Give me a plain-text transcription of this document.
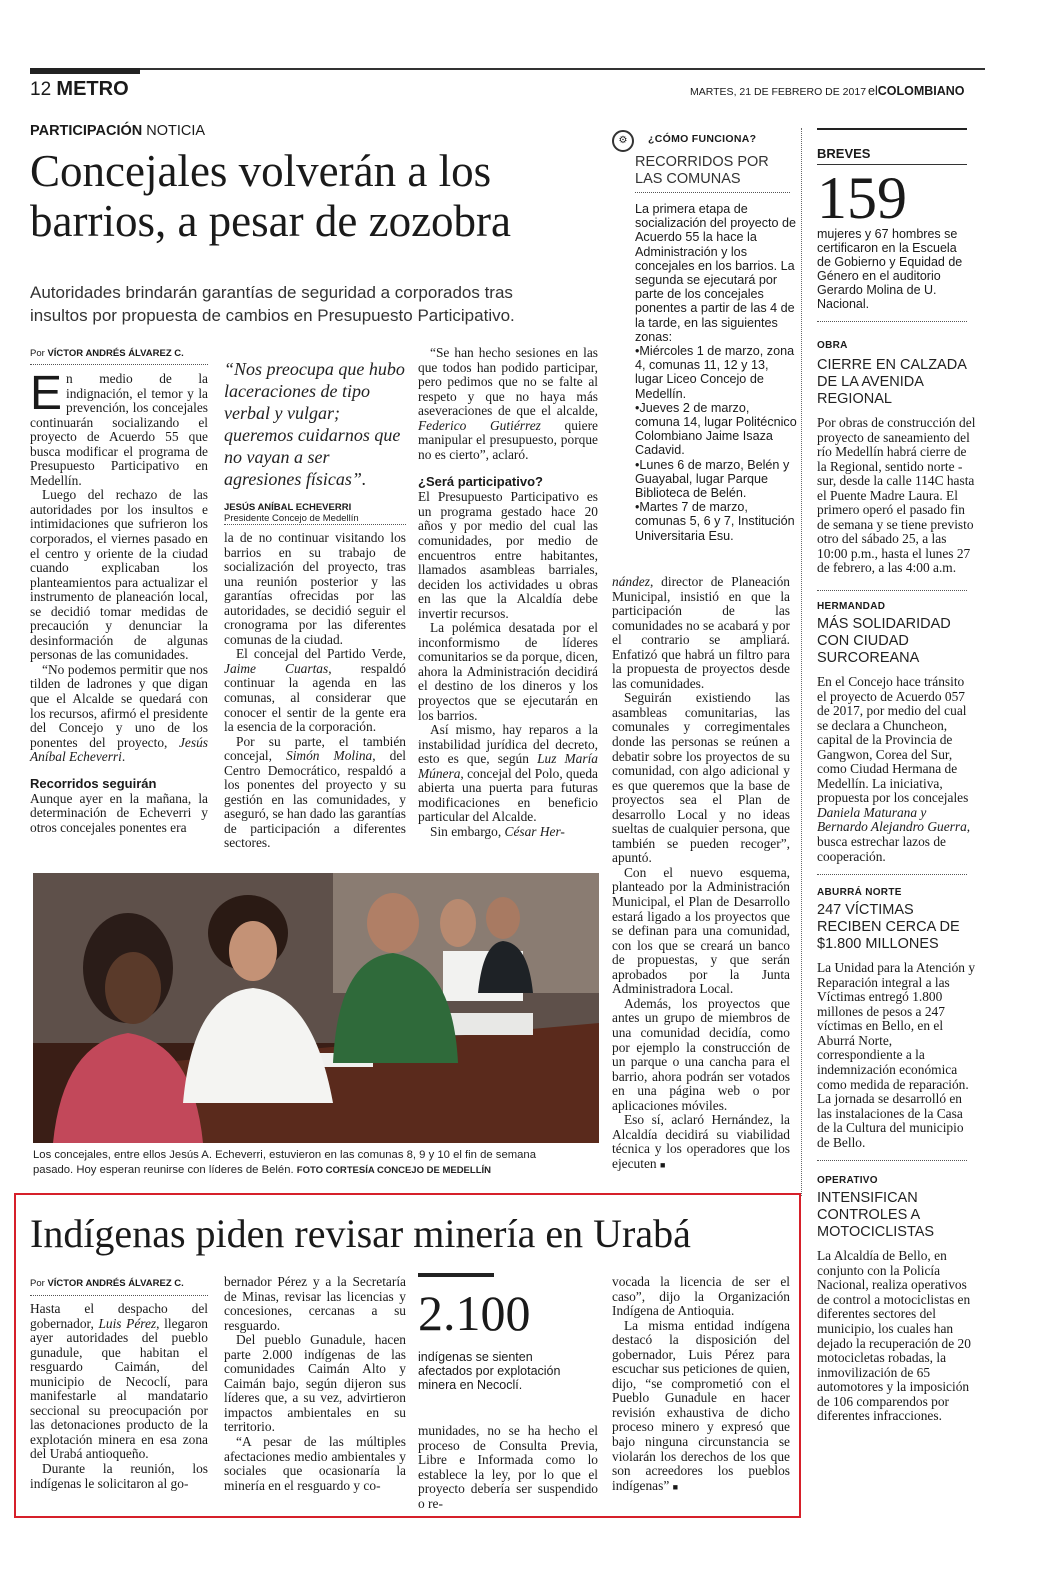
12 METRO	MARTES, 21 DE FEBRERO DE 2017 elCOLOMBIANO
PARTICIPACIÓN NOTICIA
Concejales volverán a los
barrios, a pesar de zozobra
Autoridades brindarán garantías de seguridad a corporados tras
insultos por propuesta de cambios en Presupuesto Participativo.
Por VÍCTOR ANDRÉS ÁLVAREZ C.

En medio de la indignación, el temor y la prevención, los concejales continuarán socializando el proyecto de Acuerdo 55 que busca modificar el programa de Presupuesto Participativo en Medellín.

Luego del rechazo de las autoridades por los insultos e intimidaciones que sufrieron los corporados, el viernes pasado en el centro y oriente de la ciudad cuando explicaban los planteamientos para actualizar el instrumento de planeación local, se decidió tomar medidas de precaución y denunciar la desinformación de algunas personas de las comunidades.

“No podemos permitir que nos tilden de ladrones y que digan que el Alcalde se quedará con los recursos, afirmó el presidente del Concejo y uno de los ponentes del proyecto, Jesús Aníbal Echeverri.

Recorridos seguirán

Aunque ayer en la mañana, la determinación de Echeverri y otros concejales ponentes era

“Nos preocupa que hubo laceraciones de tipo verbal y vulgar; queremos cuidarnos que no vayan a ser agresiones físicas”.
JESÚS ANÍBAL ECHEVERRI
Presidente Concejo de Medellín

la de no continuar visitando los barrios en su trabajo de socialización del proyecto, tras una reunión posterior y las garantías ofrecidas por las autoridades, se decidió seguir el cronograma por las diferentes comunas de la ciudad.

El concejal del Partido Verde, Jaime Cuartas, respaldó continuar la agenda en las comunas, al considerar que conocer el sentir de la gente era la esencia de la corporación.

Por su parte, el también concejal, Simón Molina, del Centro Democrático, respaldó a los ponentes del proyecto y su gestión en las comunidades, y aseguró, se han dado las garantías de participación a diferentes sectores.

“Se han hecho sesiones en las que todos han podido participar, pero pedimos que no se falte al respeto y que no haya más aseveraciones de que el alcalde, Federico Gutiérrez quiere manipular el presupuesto, porque no es cierto”, aclaró.

¿Será participativo?

El Presupuesto Participativo es un programa gestado hace 20 años y por medio del cual las comunidades, por medio de encuentros entre habitantes, llamados asambleas barriales, deciden los actividades u obras en las que la Alcaldía debe invertir recursos.

La polémica desatada por el inconformismo de líderes comunitarios se da porque, dicen, ahora la Administración decidirá el destino de los dineros y los proyectos que se ejecutarán en los barrios.

Así mismo, hay reparos a la instabilidad jurídica del decreto, esto es que, según Luz María Múnera, concejal del Polo, queda abierta una puerta para futuras modificaciones en beneficio particular del Alcalde.

Sin embargo, César Her-

⚙	¿CÓMO FUNCIONA?
RECORRIDOS POR
LAS COMUNAS

La primera etapa de socialización del proyecto de Acuerdo 55 la hace la Administración y los concejales en los barrios. La segunda se ejecutará por parte de los concejales ponentes a partir de las 4 de la tarde, en las siguientes zonas:

• Miércoles 1 de marzo, zona 4, comunas 11, 12 y 13, lugar Liceo Concejo de Medellín.

• Jueves 2 de marzo, comuna 14, lugar Politécnico Colombiano Jaime Isaza Cadavid.

• Lunes 6 de marzo, Belén y Guayabal, lugar Parque Biblioteca de Belén.

• Martes 7 de marzo, comunas 5, 6 y 7, Institución Universitaria Esu.

nández, director de Planeación Municipal, insistió en que la participación de las comunidades no se acabará y por el contrario se ampliará. Enfatizó que habrá un filtro para la propuesta de proyectos desde las comunidades.

Seguirán existiendo las asambleas comunitarias, las comunales y corregimentales donde las personas se reúnen a debatir sobre los proyectos de su comunidad, con algo adicional y es que queremos que la base de proyectos sea el Plan de desarrollo Local y no ideas sueltas de cualquier persona, que también se pueden recoger”, apuntó.

Con el nuevo esquema, planteado por la Administración Municipal, el Plan de Desarrollo estará ligado a los proyectos que se definan para una comunidad, con los que se creará un banco de propuestas, y que serán aprobados por la Junta Administradora Local.

Además, los proyectos que antes un grupo de miembros de una comunidad decidía, como por ejemplo la construcción de un parque o una cancha para el barrio, ahora podrán ser votados en una página web o por aplicaciones móviles.

Eso sí, aclaró Hernández, la Alcaldía decidirá su viabilidad técnica y los operadores que los ejecuten ■

Los concejales, entre ellos Jesús A. Echeverri, estuvieron en las comunas 8, 9 y 10 el fin de semana
pasado. Hoy esperan reunirse con líderes de Belén. FOTO CORTESÍA CONCEJO DE MEDELLÍN
BREVES
159
mujeres y 67 hombres se certificaron en la Escuela de Gobierno y Equidad de Género en el auditorio Gerardo Molina de U. Nacional.
OBRA
CIERRE EN CALZADA DE LA AVENIDA REGIONAL
Por obras de construcción del proyecto de saneamiento del río Medellín habrá cierre de la Regional, sentido norte - sur, desde la calle 114C hasta el Puente Madre Laura. El primero operó el pasado fin de semana y se tiene previsto otro del sábado 25, a las 10:00 p.m., hasta el lunes 27 de febrero, a las 4:00 a.m.
HERMANDAD
MÁS SOLIDARIDAD CON CIUDAD SURCOREANA
En el Concejo hace tránsito el proyecto de Acuerdo 057 de 2017, por medio del cual se declara a Chuncheon, capital de la Provincia de Gangwon, Corea del Sur, como Ciudad Hermana de Medellín. La iniciativa, propuesta por los concejales Daniela Maturana y Bernardo Alejandro Guerra, busca estrechar lazos de cooperación.
ABURRÁ NORTE
247 VÍCTIMAS RECIBEN CERCA DE $1.800 MILLONES
La Unidad para la Atención y Reparación integral a las Víctimas entregó 1.800 millones de pesos a 247 víctimas en Bello, en el Aburrá Norte, correspondiente a la indemnización económica como medida de reparación. La jornada se desarrolló en las instalaciones de la Casa de la Cultura del municipio de Bello.
OPERATIVO
INTENSIFICAN CONTROLES A MOTOCICLISTAS
La Alcaldía de Bello, en conjunto con la Policía Nacional, realiza operativos de control a motociclistas en diferentes sectores del municipio, los cuales han dejado la recuperación de 20 motocicletas robadas, la inmovilización de 65 automotores y la imposición de 106 comparendos por diferentes infracciones.
Indígenas piden revisar minería en Urabá
Por VÍCTOR ANDRÉS ÁLVAREZ C.

Hasta el despacho del gobernador, Luis Pérez, llegaron ayer autoridades del pueblo gunadule, que habitan el resguardo Caimán, del municipio de Necoclí, para manifestarle al mandatario seccional su preocupación por las detonaciones producto de la explotación minera en esa zona del Urabá antioqueño.

Durante la reunión, los indígenas le solicitaron al go-

bernador Pérez y a la Secretaría de Minas, revisar las licencias y concesiones, cercanas a su resguardo.

Del pueblo Gunadule, hacen parte 2.000 indígenas de las comunidades Caimán Alto y Caimán bajo, según dijeron sus líderes que, a su vez, advirtieron impactos ambientales en su territorio.

“A pesar de las múltiples afectaciones medio ambientales y sociales que ocasionaría la minería en el resguardo y co-

2.100
indígenas se sienten afectados por explotación minera en Necoclí.

munidades, no se ha hecho el proceso de Consulta Previa, Libre e Informada como lo establece la ley, por lo que el proyecto debería ser suspendido o re-

vocada la licencia de ser el caso”, dijo la Organización Indígena de Antioquia.

La misma entidad indígena destacó la disposición del gobernador, Luis Pérez para escuchar sus peticiones de quien, dijo, “se comprometió con el Pueblo Gunadule en hacer revisión exhaustiva de dicho proceso minero y expresó que bajo ninguna circunstancia se violarán los derechos de los que son acreedores los pueblos indígenas” ■
